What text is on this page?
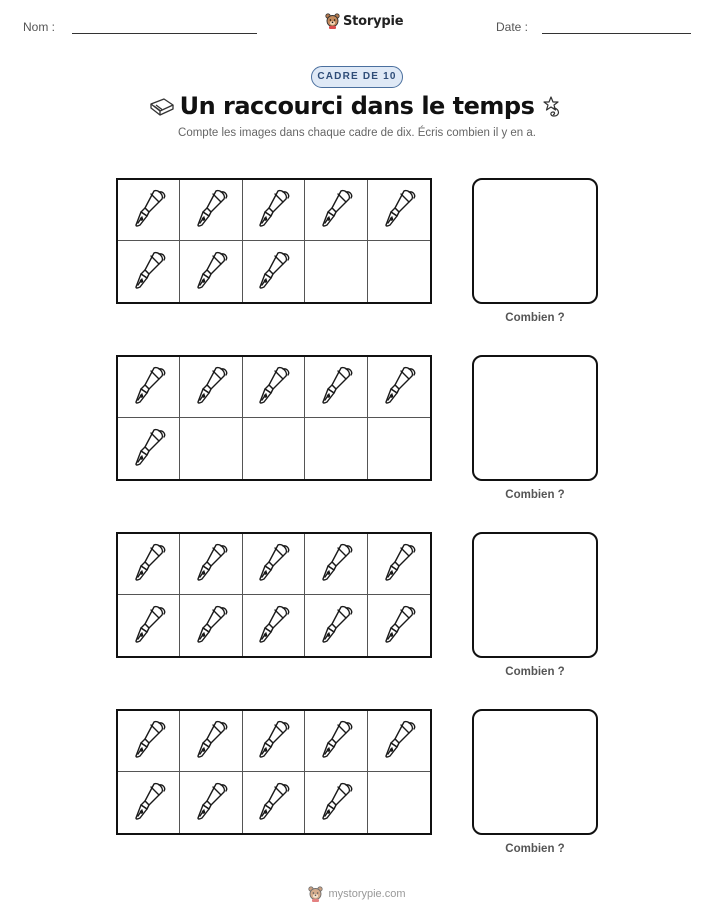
Nom :	Storypie	Date :
CADRE DE 10
Un raccourci dans le temps
Compte les images dans chaque cadre de dix. Écris combien il y en a.
Combien ?
Combien ?
Combien ?
Combien ?
mystorypie.com
